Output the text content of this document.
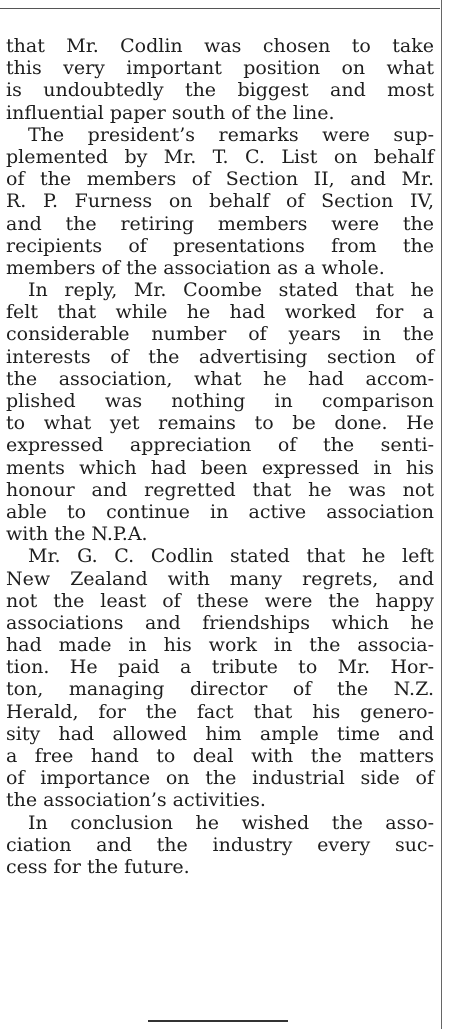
that Mr. Codlin was chosen to take
this very important position on what
is undoubtedly the biggest and most
influential paper south of the line.
The president’s remarks were sup-
plemented by Mr. T. C. List on behalf
of the members of Section II, and Mr.
R. P. Furness on behalf of Section IV,
and the retiring members were the
recipients of presentations from the
members of the association as a whole.
In reply, Mr. Coombe stated that he
felt that while he had worked for a
considerable number of years in the
interests of the advertising section of
the association, what he had accom-
plished was nothing in comparison
to what yet remains to be done. He
expressed appreciation of the senti-
ments which had been expressed in his
honour and regretted that he was not
able to continue in active association
with the N.P.A.
Mr. G. C. Codlin stated that he left
New Zealand with many regrets, and
not the least of these were the happy
associations and friendships which he
had made in his work in the associa-
tion. He paid a tribute to Mr. Hor-
ton, managing director of the N.Z.
Herald, for the fact that his genero-
sity had allowed him ample time and
a free hand to deal with the matters
of importance on the industrial side of
the association’s activities.
In conclusion he wished the asso-
ciation and the industry every suc-
cess for the future.
